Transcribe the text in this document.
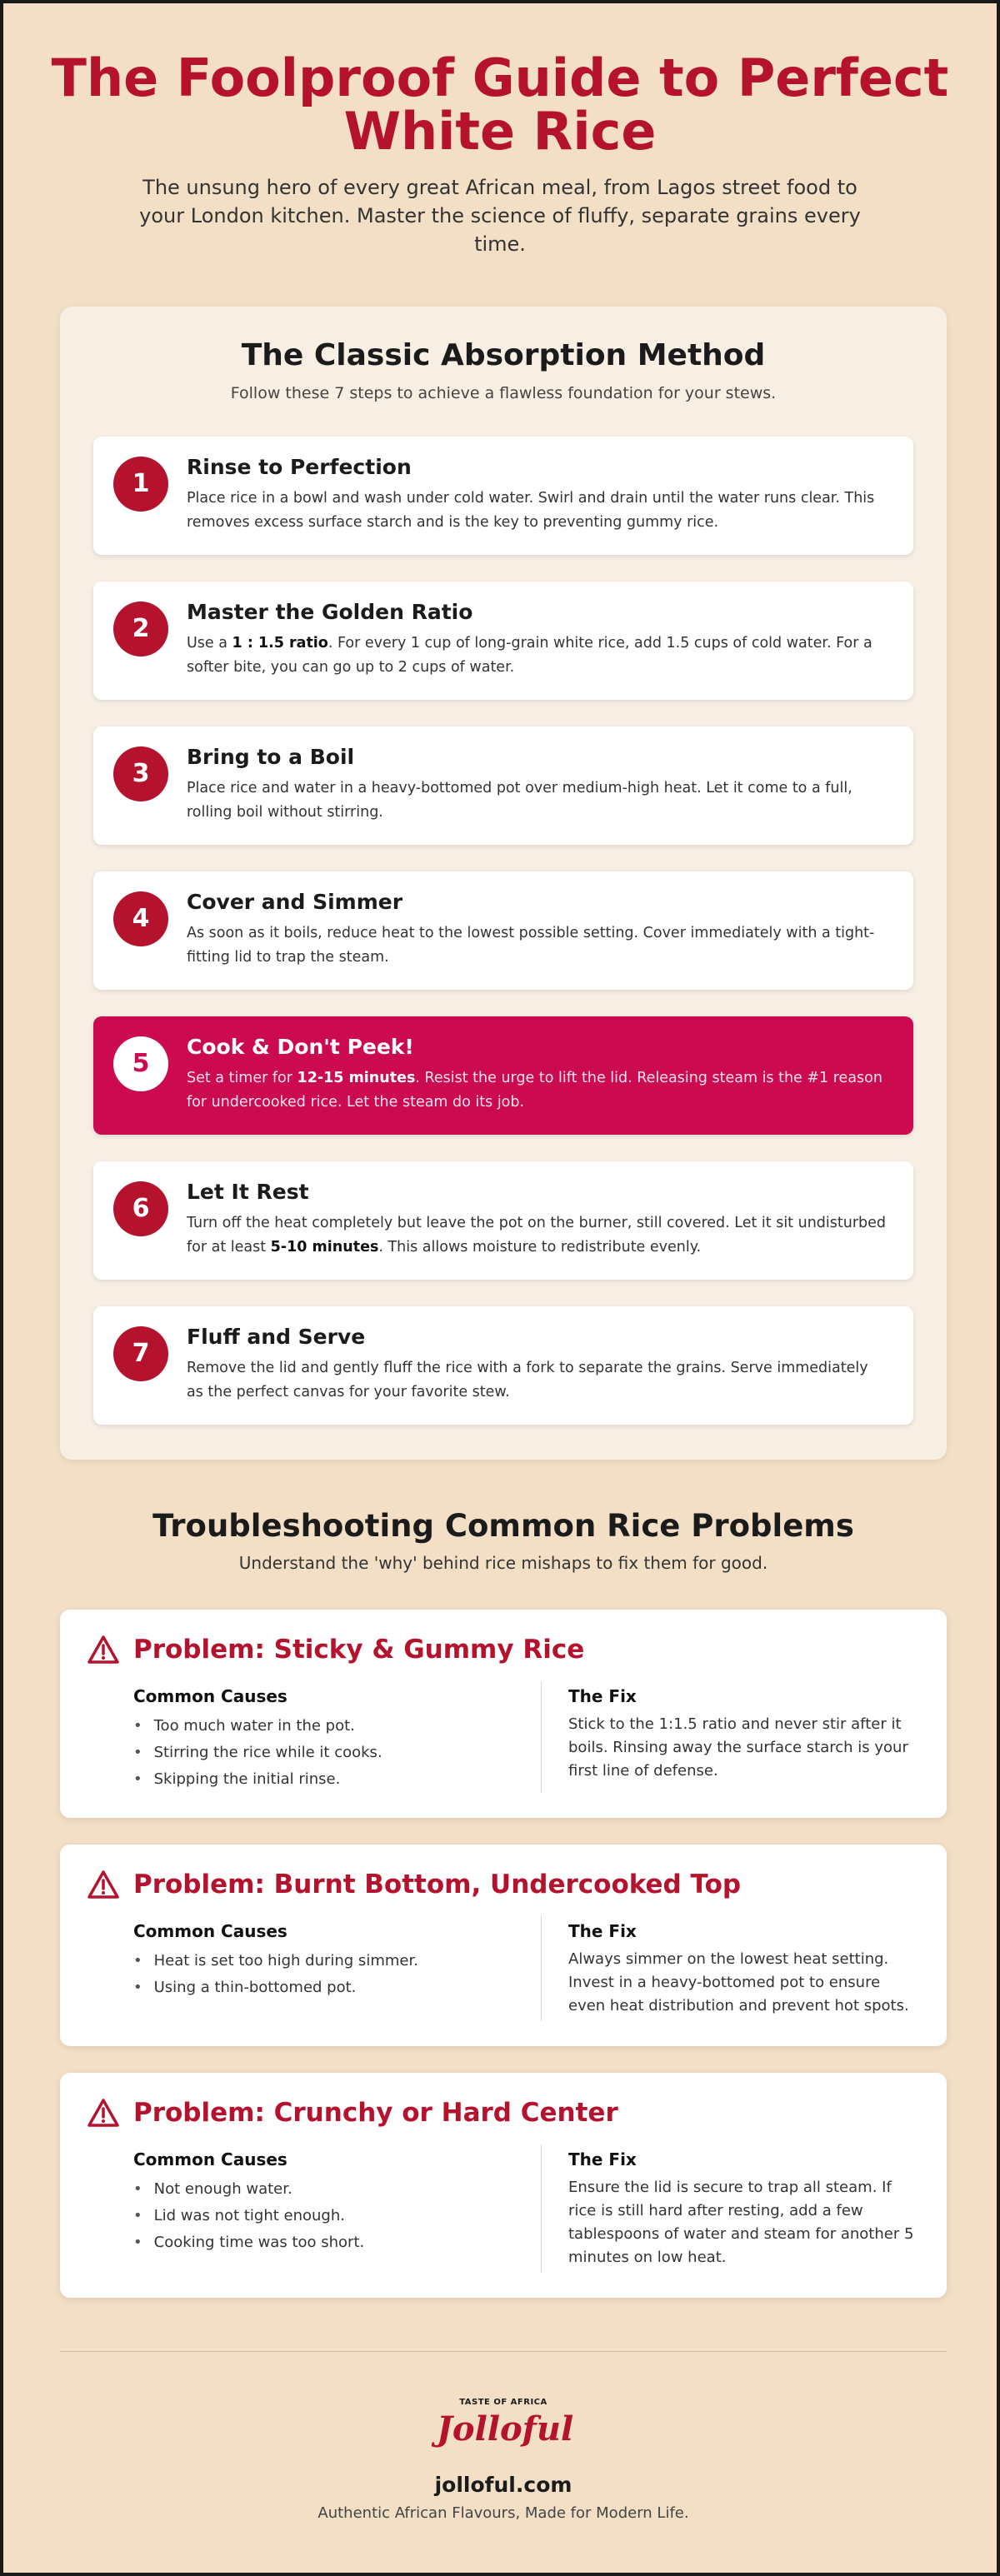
The Foolproof Guide to Perfect White Rice

The unsung hero of every great African meal, from Lagos street food to your London kitchen. Master the science of fluffy, separate grains every time.

The Classic Absorption Method

Follow these 7 steps to achieve a flawless foundation for your stews.

1
Rinse to Perfection
Place rice in a bowl and wash under cold water. Swirl and drain until the water runs clear. This removes excess surface starch and is the key to preventing gummy rice.
2
Master the Golden Ratio
Use a 1 : 1.5 ratio. For every 1 cup of long-grain white rice, add 1.5 cups of cold water. For a softer bite, you can go up to 2 cups of water.
3
Bring to a Boil
Place rice and water in a heavy-bottomed pot over medium-high heat. Let it come to a full, rolling boil without stirring.
4
Cover and Simmer
As soon as it boils, reduce heat to the lowest possible setting. Cover immediately with a tight-fitting lid to trap the steam.
5
Cook & Don't Peek!
Set a timer for 12-15 minutes. Resist the urge to lift the lid. Releasing steam is the #1 reason for undercooked rice. Let the steam do its job.
6
Let It Rest
Turn off the heat completely but leave the pot on the burner, still covered. Let it sit undisturbed for at least 5-10 minutes. This allows moisture to redistribute evenly.
7
Fluff and Serve
Remove the lid and gently fluff the rice with a fork to separate the grains. Serve immediately as the perfect canvas for your favorite stew.
Troubleshooting Common Rice Problems

Understand the 'why' behind rice mishaps to fix them for good.

Problem: Sticky & Gummy Rice
Common Causes
• Too much water in the pot.
• Stirring the rice while it cooks.
• Skipping the initial rinse.
The Fix
Stick to the 1:1.5 ratio and never stir after it boils. Rinsing away the surface starch is your first line of defense.
Problem: Burnt Bottom, Undercooked Top
Common Causes
• Heat is set too high during simmer.
• Using a thin-bottomed pot.
The Fix
Always simmer on the lowest heat setting. Invest in a heavy-bottomed pot to ensure even heat distribution and prevent hot spots.
Problem: Crunchy or Hard Center
Common Causes
• Not enough water.
• Lid was not tight enough.
• Cooking time was too short.
The Fix
Ensure the lid is secure to trap all steam. If rice is still hard after resting, add a few tablespoons of water and steam for another 5 minutes on low heat.
TASTE OF AFRICA
Jolloful
jolloful.com
Authentic African Flavours, Made for Modern Life.
